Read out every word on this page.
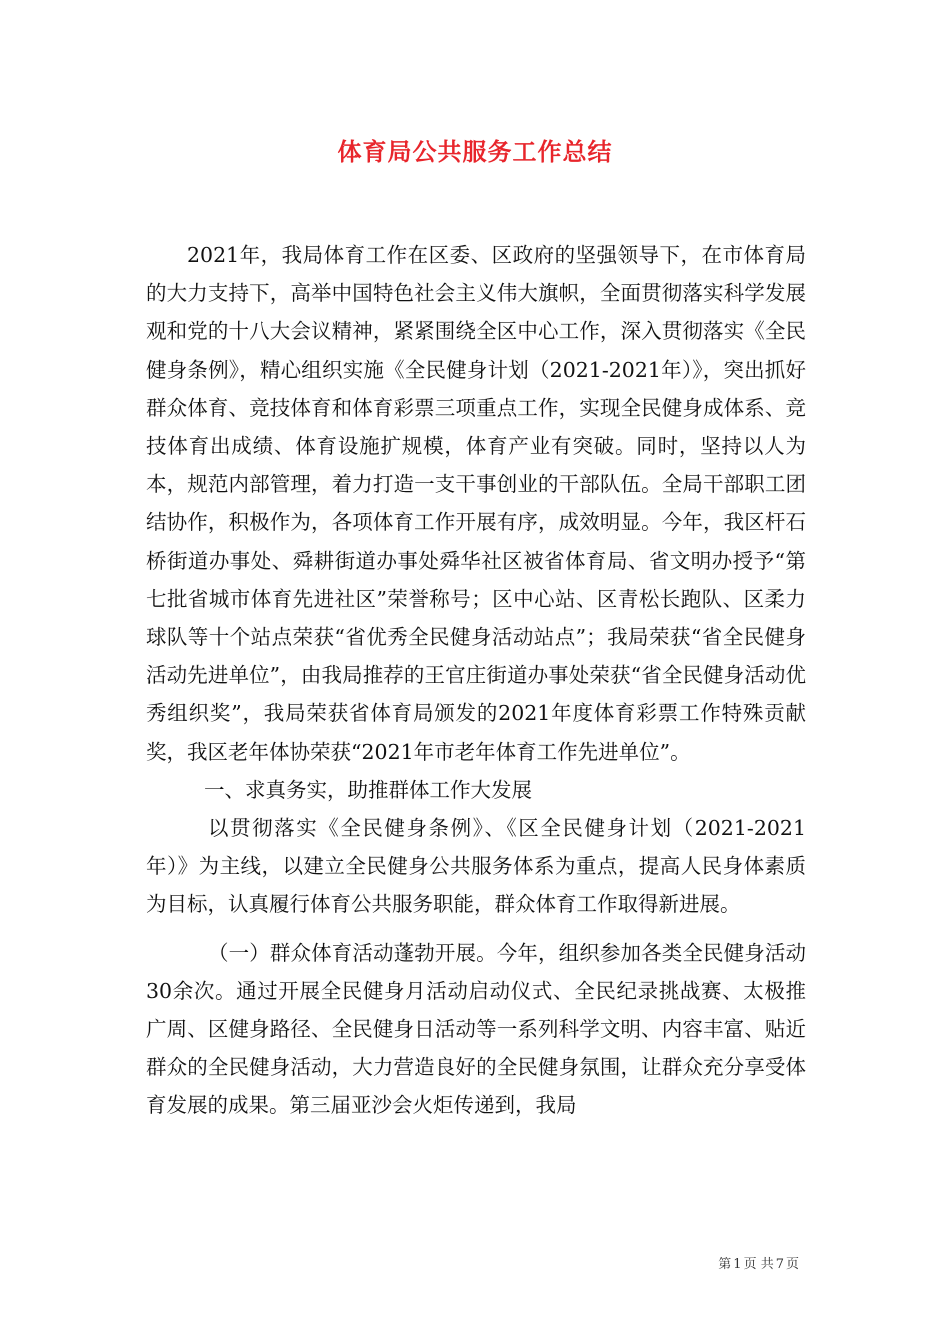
体育局公共服务工作总结

2021年，我局体育工作在区委、区政府的坚强领导下，在市体育局的大力支持下，高举中国特色社会主义伟大旗帜，全面贯彻落实科学发展观和党的十八大会议精神，紧紧围绕全区中心工作，深入贯彻落实《全民健身条例》，精心组织实施《全民健身计划（2021-2021年）》，突出抓好群众体育、竞技体育和体育彩票三项重点工作，实现全民健身成体系、竞技体育出成绩、体育设施扩规模，体育产业有突破。同时，坚持以人为本，规范内部管理，着力打造一支干事创业的干部队伍。全局干部职工团结协作，积极作为，各项体育工作开展有序，成效明显。今年，我区杆石桥街道办事处、舜耕街道办事处舜华社区被省体育局、省文明办授予“第七批省城市体育先进社区”荣誉称号；区中心站、区青松长跑队、区柔力球队等十个站点荣获“省优秀全民健身活动站点”；我局荣获“省全民健身活动先进单位”，由我局推荐的王官庄街道办事处荣获“省全民健身活动优秀组织奖”，我局荣获省体育局颁发的2021年度体育彩票工作特殊贡献奖，我区老年体协荣获“2021年市老年体育工作先进单位”。

一、求真务实，助推群体工作大发展

以贯彻落实《全民健身条例》、《区全民健身计划（2021-2021年）》为主线，以建立全民健身公共服务体系为重点，提高人民身体素质为目标，认真履行体育公共服务职能，群众体育工作取得新进展。

（一）群众体育活动蓬勃开展。今年，组织参加各类全民健身活动30余次。通过开展全民健身月活动启动仪式、全民纪录挑战赛、太极推广周、区健身路径、全民健身日活动等一系列科学文明、内容丰富、贴近群众的全民健身活动，大力营造良好的全民健身氛围，让群众充分享受体育发展的成果。第三届亚沙会火炬传递到，我局

第 1 页 共 7 页
